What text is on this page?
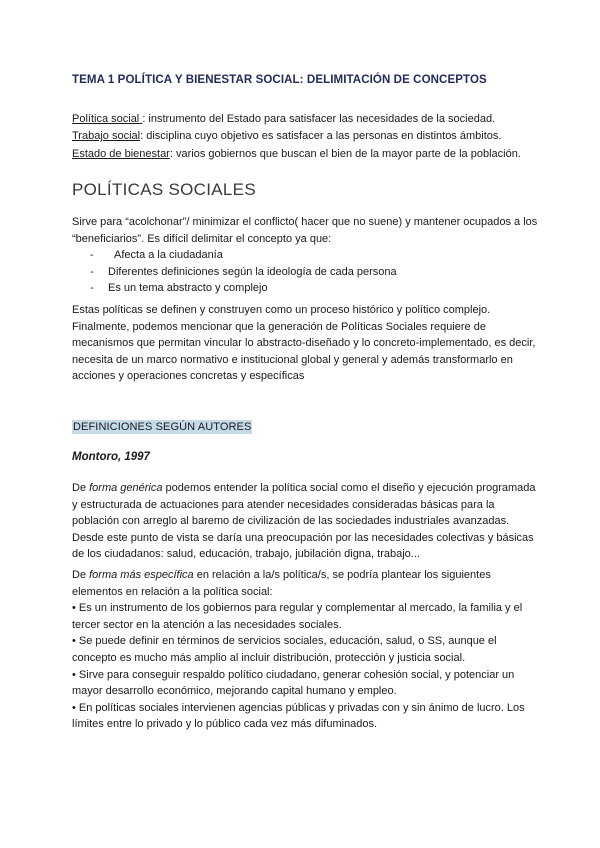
TEMA 1 POLÍTICA Y BIENESTAR SOCIAL: DELIMITACIÓN DE CONCEPTOS
Política social : instrumento del Estado para satisfacer las necesidades de la sociedad.
Trabajo social: disciplina cuyo objetivo es satisfacer a las personas en distintos ámbitos.
Estado de bienestar: varios gobiernos que buscan el bien de la mayor parte de la población.
POLÍTICAS SOCIALES
Sirve para “acolchonar”/ minimizar el conflicto( hacer que no suene) y mantener ocupados a los “beneficiarios”. Es difícil delimitar el concepto ya que:
-	Afecta a la ciudadanía
-	Diferentes definiciones según la ideología de cada persona
-	Es un tema abstracto y complejo
Estas políticas se definen y construyen como un proceso histórico y político complejo. Finalmente, podemos mencionar que la generación de Políticas Sociales requiere de mecanismos que permitan vincular lo abstracto-diseñado y lo concreto-implementado, es decir, necesita de un marco normativo e institucional global y general y además transformarlo en acciones y operaciones concretas y específicas
DEFINICIONES SEGÚN AUTORES
Montoro, 1997
De forma genérica podemos entender la política social como el diseño y ejecución programada y estructurada de actuaciones para atender necesidades consideradas básicas para la población con arreglo al baremo de civilización de las sociedades industriales avanzadas. Desde este punto de vista se daría una preocupación por las necesidades colectivas y básicas de los ciudadanos: salud, educación, trabajo, jubilación digna, trabajo...
De forma más específica en relación a la/s política/s, se podría plantear los siguientes elementos en relación a la política social:
• Es un instrumento de los gobiernos para regular y complementar al mercado, la familia y el tercer sector en la atención a las necesidades sociales.
• Se puede definir en términos de servicios sociales, educación, salud, o SS, aunque el concepto es mucho más amplio al incluir distribución, protección y justicia social.
• Sirve para conseguir respaldo político ciudadano, generar cohesión social, y potenciar un mayor desarrollo económico, mejorando capital humano y empleo.
• En políticas sociales intervienen agencias públicas y privadas con y sin ánimo de lucro. Los límites entre lo privado y lo público cada vez más difuminados.
